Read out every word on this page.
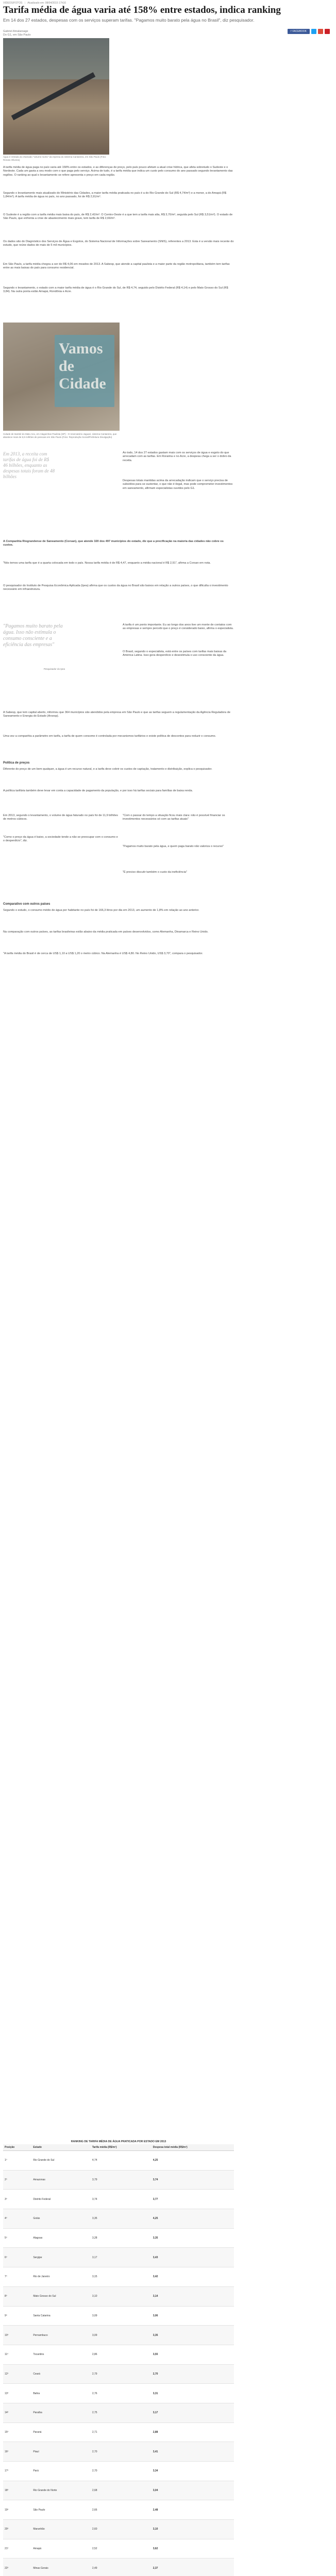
VIDEOS/FOTOS | Atualizado em: 08/04/2015 17h16
Tarifa média de água varia até 158% entre estados, indica ranking

Em 14 dos 27 estados, despesas com os serviços superam tarifas. "Pagamos muito barato pela água no Brasil", diz pesquisador.

Gabriel Amalaroage
Do G1, em São Paulo
f FACEBOOK
Água é retirada do chamado "volume morto" da represa do sistema Cantareira, em São Paulo (Foto: Renato Oliveira)

A tarifa média de água paga no país varia até 158% entre os estados, e as diferenças de preço, pelo país pouco afetam a atual crise hídrica, que afeta sobretudo o Sudeste e o Nordeste. Cada um gasta a seu modo com o que paga pelo serviço. Acima de tudo, é a tarifa média que indica um custo pelo consumo do ano passado segundo levantamento das regiões. O ranking ao qual o levantamento se refere apresenta o preço em cada região.

Segundo o levantamento mais atualizado do Ministério das Cidades, a maior tarifa média praticada no país é a do Rio Grande do Sul (R$ 4,74/m³) e a menor, a do Amapá (R$ 1,84/m³). A tarifa média de água no país, no ano passado, foi de R$ 2,91/m³.

O Sudeste é a região com a tarifa média mais baixa do país, de R$ 2,42/m³. O Centro-Oeste é a que tem a tarifa mais alta, R$ 3,70/m³, seguida pelo Sul (R$ 3,51/m³). O estado de São Paulo, que enfrenta a crise de abastecimento mais grave, tem tarifa de R$ 2,69/m³.

Os dados são do Diagnóstico dos Serviços de Água e Esgotos, do Sistema Nacional de Informações sobre Saneamento (SNIS), referentes a 2013. Esta é a versão mais recente do estudo, que reúne dados de mais de 5 mil municípios.

Em São Paulo, a tarifa média chegou a ser de R$ 4,06 em meados de 2013. A Sabesp, que atende a capital paulista e a maior parte da região metropolitana, também tem tarifas entre as mais baixas do país para consumo residencial.

Segundo o levantamento, o estado com a maior tarifa média de água é o Rio Grande do Sul, de R$ 4,74, seguido pelo Distrito Federal (R$ 4,14) e pelo Mato Grosso do Sul (R$ 3,84). Na outra ponta estão Amapá, Rondônia e Acre.

Vamos de Cidade
Cidade de Itambé do Mato Ano, em Alagoinhas Paulista (SP) - O reservatório Jaguari, sistema Cantareira, que abastece mais de 8,9 milhões de pessoas em São Paulo (Foto: Reprodução Social/Prefeitura Divulgação)
Em 2013, a receita com tarifas de água foi de R$ 46 bilhões, enquanto as despesas totais foram de 48 bilhões

Ao todo, 14 dos 27 estados gastam mais com os serviços de água e esgoto do que arrecadam com as tarifas. Em Roraima e no Acre, a despesa chega a ser o dobro da receita.

Despesas totais mantidas acima da arrecadação indicam que o serviço precisa de subsídios para se sustentar, o que não é ilegal, mas pode comprometer investimentos em saneamento, afirmam especialistas ouvidos pelo G1.

A Companhia Riograndense de Saneamento (Corsan), que atende 320 dos 497 municípios do estado, diz que a precificação na maioria das cidades não cobre os custos.

"Nós temos uma tarifa que é a quarta colocada em todo o país. Nossa tarifa média é de R$ 4,47, enquanto a média nacional é R$ 2,91", afirma a Corsan em nota.

O pesquisador do Instituto de Pesquisa Econômica Aplicada (Ipea) afirma que os custos da água no Brasil são baixos em relação a outros países, o que dificulta o investimento necessário em infraestrutura.

"Pagamos muito barato pela água. Isso não estimula o consumo consciente e a eficiência das empresas"
Pesquisador do Ipea

A tarifa é um ponto importante. Eu ao longo dos anos tive um monte de contatos com as empresas e sempre percebi que o preço é considerado baixo, afirma o especialista.

O Brasil, segundo o especialista, está entre os países com tarifas mais baixas da América Latina. Isso gera desperdício e desestimula o uso consciente da água.

A Sabesp, que tem capital aberto, informou que 364 municípios são atendidos pela empresa em São Paulo e que as tarifas seguem a regulamentação da Agência Reguladora de Saneamento e Energia do Estado (Arsesp).

Uma vez a companhia a parâmetro em tarifa, a tarifa de quem consome é controlada por mecanismos tarifários e existe política de descontos para reduzir o consumo.

Política de preços

Diferente do preço de um bem qualquer, a água é um recurso natural, e a tarifa deve cobrir os custos de captação, tratamento e distribuição, explica o pesquisador.

A política tarifária também deve levar em conta a capacidade de pagamento da população, e por isso há tarifas sociais para famílias de baixa renda.

"Com o passar do tempo a situação ficou mais clara: não é possível financiar os investimentos necessários só com as tarifas atuais"

Em 2013, segundo o levantamento, o volume de água faturado no país foi de 11,9 bilhões de metros cúbicos.

"Como o preço da água é baixo, a sociedade tende a não se preocupar com o consumo e o desperdício", diz.

"Pagamos muito barato pela água, e quem paga barato não valoriza o recurso"
"É preciso discutir também o custo da ineficiência"
Comparativo com outros países

Segundo o estudo, o consumo médio de água por habitante no país foi de 166,3 litros por dia em 2013, um aumento de 1,8% em relação ao ano anterior.

Na comparação com outros países, as tarifas brasileiras estão abaixo da média praticada em países desenvolvidos, como Alemanha, Dinamarca e Reino Unido.

"A tarifa média do Brasil é de cerca de US$ 1,10 a US$ 1,20 o metro cúbico. Na Alemanha é US$ 4,80. No Reino Unido, US$ 3,70", compara o pesquisador.

RANKING DE TARIFA MÉDIA DE ÁGUA PRATICADA POR ESTADO EM 2013

Posição	Estado	Tarifa média (R$/m³)	Despesa total média (R$/m³)
1º	Rio Grande do Sul	4,74	4,25
2º	Amazonas	3,79	3,74
3º	Distrito Federal	3,74	3,77
4º	Goiás	3,35	4,25
5º	Alagoas	3,28	3,35
6º	Sergipe	3,17	3,43
7º	Rio de Janeiro	3,15	3,42
8º	Mato Grosso do Sul	3,10	3,14
9º	Santa Catarina	3,09	3,06
10º	Pernambuco	3,09	3,35
11º	Tocantins	2,86	3,55
12º	Ceará	2,79	2,70
13º	Bahia	2,76	3,31
14º	Paraíba	2,75	3,17
15º	Paraná	2,71	2,88
16º	Piauí	2,70	3,41
17º	Pará	2,70	3,34
18º	Rio Grande do Norte	2,68	3,04
19º	São Paulo	2,66	2,48
20º	Maranhão	2,60	3,10
21º	Amapá	2,52	3,62
22º	Minas Gerais	2,49	2,37
